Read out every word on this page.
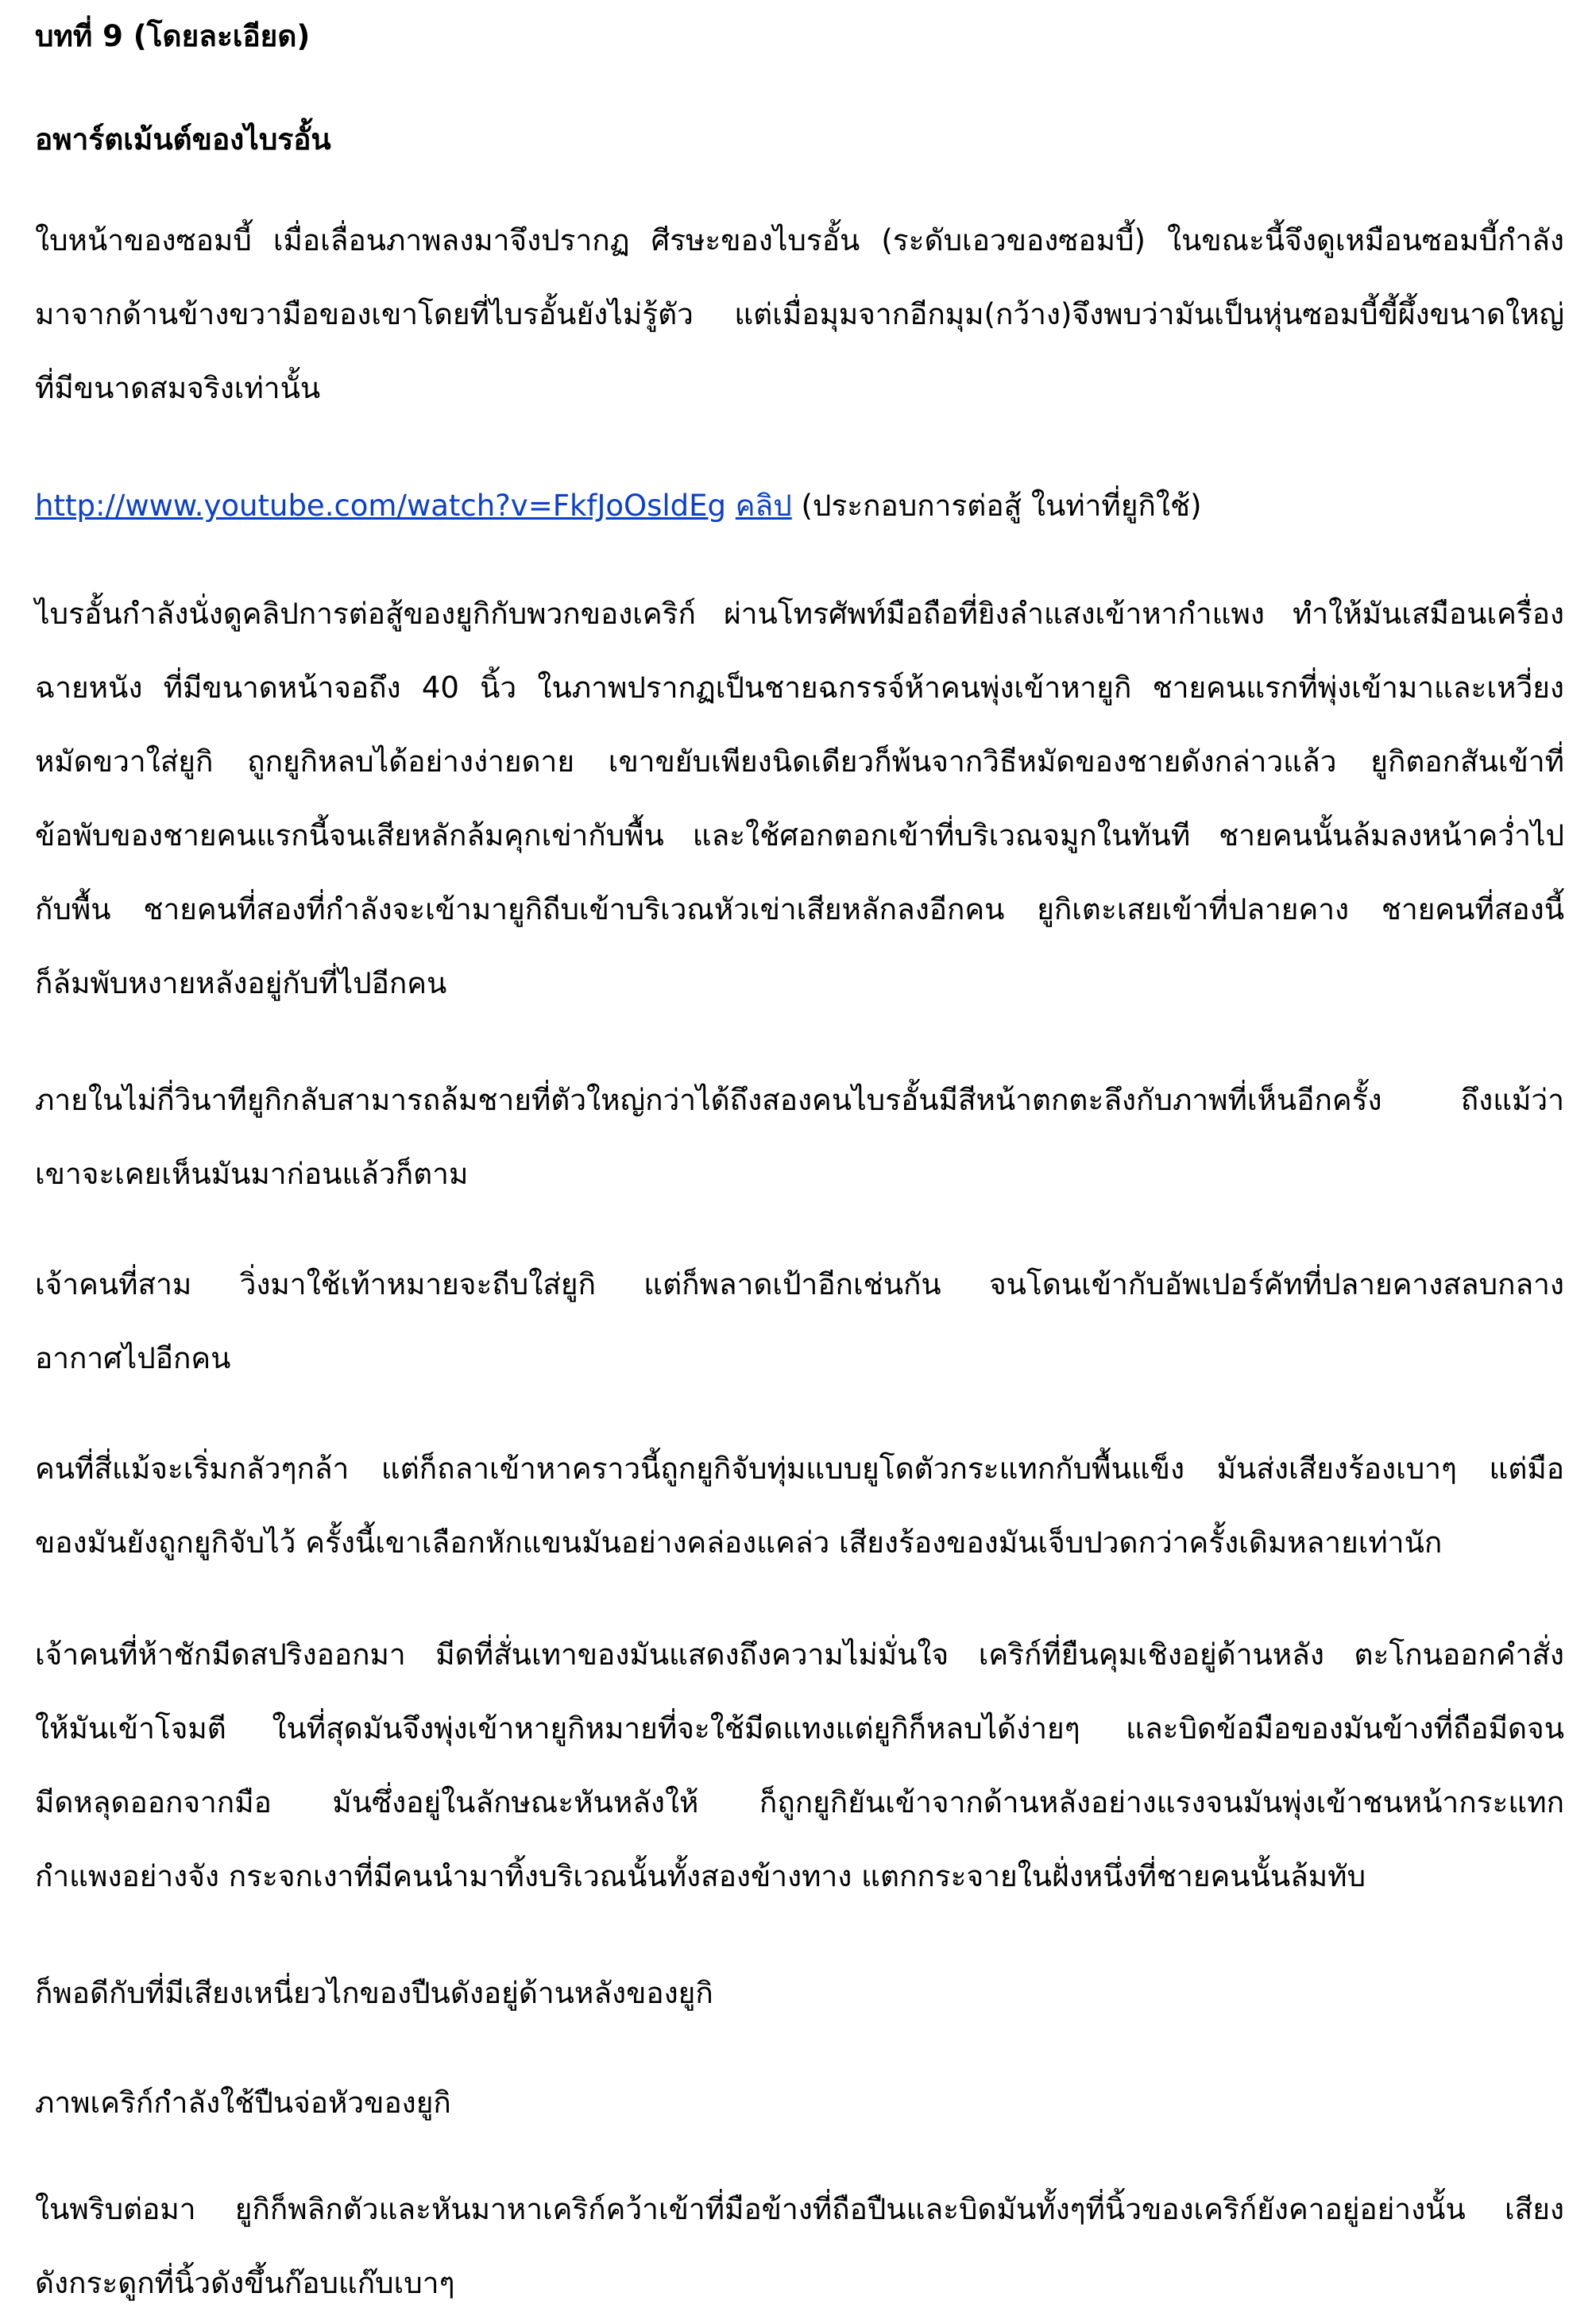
บทที่ 9 (โดยละเอียด)
อพาร์ตเม้นต์ของไบรอั้น
ใบหน้าของซอมบี้ เมื่อเลื่อนภาพลงมาจึงปรากฏ ศีรษะของไบรอั้น (ระดับเอวของซอมบี้) ในขณะนี้จึงดูเหมือนซอมบี้กำลัง
มาจากด้านข้างขวามือของเขาโดยที่ไบรอั้นยังไม่รู้ตัว แต่เมื่อมุมจากอีกมุม(กว้าง)จึงพบว่ามันเป็นหุ่นซอมบี้ขี้ผึ้งขนาดใหญ่
ที่มีขนาดสมจริงเท่านั้น
http://www.youtube.com/watch?v=FkfJoOsldEg คลิป (ประกอบการต่อสู้ ในท่าที่ยูกิใช้)
ไบรอั้นกำลังนั่งดูคลิปการต่อสู้ของยูกิกับพวกของเคริก์ ผ่านโทรศัพท์มือถือที่ยิงลำแสงเข้าหากำแพง ทำให้มันเสมือนเครื่อง
ฉายหนัง ที่มีขนาดหน้าจอถึง 40 นิ้ว ในภาพปรากฏเป็นชายฉกรรจ์ห้าคนพุ่งเข้าหายูกิ ชายคนแรกที่พุ่งเข้ามาและเหวี่ยง
หมัดขวาใส่ยูกิ ถูกยูกิหลบได้อย่างง่ายดาย เขาขยับเพียงนิดเดียวก็พ้นจากวิธีหมัดของชายดังกล่าวแล้ว ยูกิตอกสันเข้าที่
ข้อพับของชายคนแรกนี้จนเสียหลักล้มคุกเข่ากับพื้น และใช้ศอกตอกเข้าที่บริเวณจมูกในทันที ชายคนนั้นล้มลงหน้าคว่ำไป
กับพื้น ชายคนที่สองที่กำลังจะเข้ามายูกิถีบเข้าบริเวณหัวเข่าเสียหลักลงอีกคน ยูกิเตะเสยเข้าที่ปลายคาง ชายคนที่สองนี้
ก็ล้มพับหงายหลังอยู่กับที่ไปอีกคน
ภายในไม่กี่วินาทียูกิกลับสามารถล้มชายที่ตัวใหญ่กว่าได้ถึงสองคนไบรอั้นมีสีหน้าตกตะลึงกับภาพที่เห็นอีกครั้ง ถึงแม้ว่า
เขาจะเคยเห็นมันมาก่อนแล้วก็ตาม
เจ้าคนที่สาม วิ่งมาใช้เท้าหมายจะถีบใส่ยูกิ แต่ก็พลาดเป้าอีกเช่นกัน จนโดนเข้ากับอัพเปอร์คัทที่ปลายคางสลบกลาง
อากาศไปอีกคน
คนที่สี่แม้จะเริ่มกลัวๆกล้า แต่ก็ถลาเข้าหาคราวนี้ถูกยูกิจับทุ่มแบบยูโดตัวกระแทกกับพื้นแข็ง มันส่งเสียงร้องเบาๆ แต่มือ
ของมันยังถูกยูกิจับไว้ ครั้งนี้เขาเลือกหักแขนมันอย่างคล่องแคล่ว เสียงร้องของมันเจ็บปวดกว่าครั้งเดิมหลายเท่านัก
เจ้าคนที่ห้าชักมีดสปริงออกมา มีดที่สั่นเทาของมันแสดงถึงความไม่มั่นใจ เคริก์ที่ยืนคุมเชิงอยู่ด้านหลัง ตะโกนออกคำสั่ง
ให้มันเข้าโจมตี ในที่สุดมันจึงพุ่งเข้าหายูกิหมายที่จะใช้มีดแทงแต่ยูกิก็หลบได้ง่ายๆ และบิดข้อมือของมันข้างที่ถือมีดจน
มีดหลุดออกจากมือ มันซึ่งอยู่ในลักษณะหันหลังให้ ก็ถูกยูกิยันเข้าจากด้านหลังอย่างแรงจนมันพุ่งเข้าชนหน้ากระแทก
กำแพงอย่างจัง กระจกเงาที่มีคนนำมาทิ้งบริเวณนั้นทั้งสองข้างทาง แตกกระจายในฝั่งหนึ่งที่ชายคนนั้นล้มทับ
ก็พอดีกับที่มีเสียงเหนี่ยวไกของปืนดังอยู่ด้านหลังของยูกิ
ภาพเคริก์กำลังใช้ปืนจ่อหัวของยูกิ
ในพริบต่อมา ยูกิก็พลิกตัวและหันมาหาเคริก์คว้าเข้าที่มือข้างที่ถือปืนและบิดมันทั้งๆที่นิ้วของเคริก์ยังคาอยู่อย่างนั้น เสียง
ดังกระดูกที่นิ้วดังขึ้นก๊อบแก๊บเบาๆ
